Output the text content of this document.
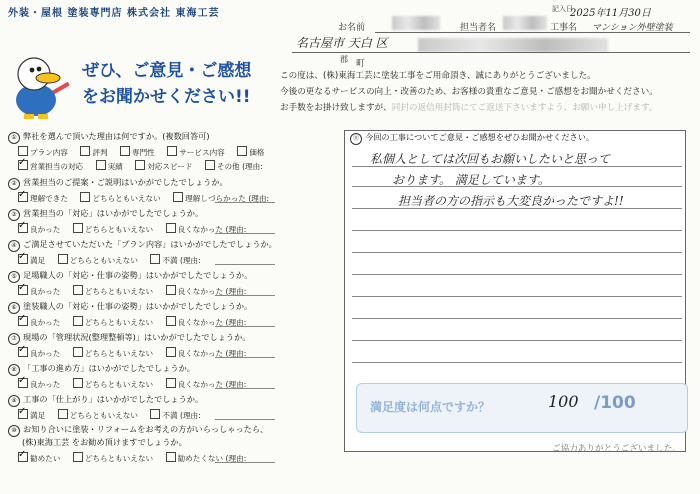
外装・屋根 塗装専門店 株式会社 東海工芸	記入日
2025年11月30日
お名前	担当者名	工事名 マンション外壁塗装
名古屋市 天白 区
町
郡
ぜひ、ご意見・ご感想
をお聞かせください!!
この度は、(株)東海工芸に塗装工事をご用命頂き、誠にありがとうございました。
今後の更なるサービスの向上・改善のため、お客様の貴重なご意見・ご感想をお聞かせください。
お手数をお掛け致しますが、同封の返信用封筒にてご返送下さいますよう、お願い申し上げます。
① 弊社を選んで頂いた理由は何ですか。(複数回答可)
プラン内容	評判	専門性	サービス内容	価格
✓営業担当の対応	実績	対応スピード	その他 (理由:
② 営業担当のご提案・ご説明はいかがでしたでしょうか。
✓理解できた	どちらともいえない	理解しづらかった (理由:
③ 営業担当の「対応」はいかがでしたでしょうか。
✓良かった	どちらともいえない	良くなかった (理由:
④ ご満足させていただいた「プラン内容」はいかがでしたでしょうか。
✓満足	どちらともいえない	不満 (理由:
⑤ 足場職人の「対応・仕事の姿勢」はいかがでしたでしょうか。
✓良かった	どちらともいえない	良くなかった (理由:
⑥ 塗装職人の「対応・仕事の姿勢」はいかがでしたでしょうか。
✓良かった	どちらともいえない	良くなかった (理由:
⑦ 現場の「管理状況(整理整頓等)」はいかがでしたでしょうか。
✓良かった	どちらともいえない	良くなかった (理由:
⑧ 「工事の進め方」はいかがでしたでしょうか。
✓良かった	どちらともいえない	良くなかった (理由:
⑨ 工事の「仕上がり」はいかがでしたでしょうか。
✓満足	どちらともいえない	不満 (理由:
⑩ お知り合いに塗装・リフォームをお考えの方がいらっしゃったら、
(株)東海工芸 をお勧め頂けますでしょうか。
✓勧めたい	どちらともいえない	勧めたくない (理由:
⑪ 今回の工事についてご意見・ご感想をぜひお聞かせください。
私個人としては次回もお願いしたいと思って
おります。 満足しています。
担当者の方の指示も大変良かったですよ!!
満足度は何点ですか？	100 /100
ご協力ありがとうございました。
